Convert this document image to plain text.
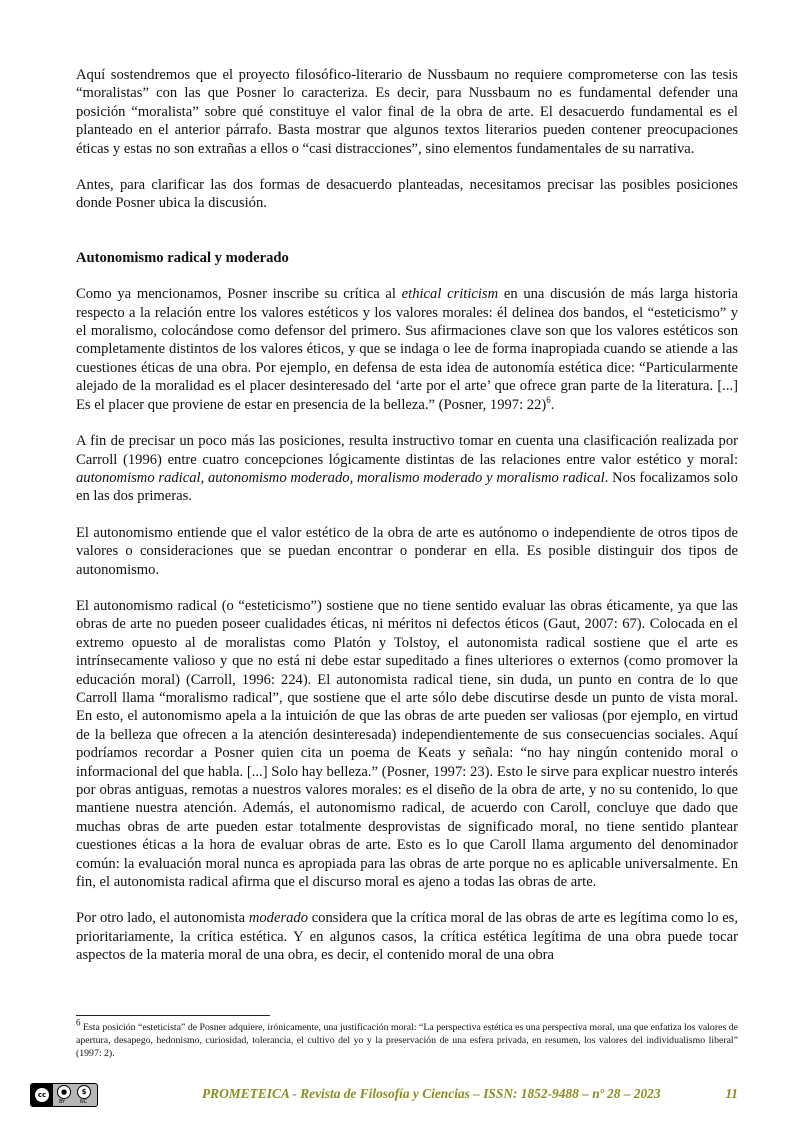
Aquí sostendremos que el proyecto filosófico-literario de Nussbaum no requiere comprometerse con las tesis “moralistas” con las que Posner lo caracteriza. Es decir, para Nussbaum no es fundamental defender una posición “moralista” sobre qué constituye el valor final de la obra de arte. El desacuerdo fundamental es el planteado en el anterior párrafo. Basta mostrar que algunos textos literarios pueden contener preocupaciones éticas y estas no son extrañas a ellos o “casi distracciones”, sino elementos fundamentales de su narrativa.

Antes, para clarificar las dos formas de desacuerdo planteadas, necesitamos precisar las posibles posiciones donde Posner ubica la discusión.

Autonomismo radical y moderado

Como ya mencionamos, Posner inscribe su crítica al ethical criticism en una discusión de más larga historia respecto a la relación entre los valores estéticos y los valores morales: él delinea dos bandos, el “esteticismo” y el moralismo, colocándose como defensor del primero. Sus afirmaciones clave son que los valores estéticos son completamente distintos de los valores éticos, y que se indaga o lee de forma inapropiada cuando se atiende a las cuestiones éticas de una obra. Por ejemplo, en defensa de esta idea de autonomía estética dice: “Particularmente alejado de la moralidad es el placer desinteresado del ‘arte por el arte’ que ofrece gran parte de la literatura. [...] Es el placer que proviene de estar en presencia de la belleza.” (Posner, 1997: 22)$^6$.

A fin de precisar un poco más las posiciones, resulta instructivo tomar en cuenta una clasificación realizada por Carroll (1996) entre cuatro concepciones lógicamente distintas de las relaciones entre valor estético y moral: autonomismo radical, autonomismo moderado, moralismo moderado y moralismo radical. Nos focalizamos solo en las dos primeras.

El autonomismo entiende que el valor estético de la obra de arte es autónomo o independiente de otros tipos de valores o consideraciones que se puedan encontrar o ponderar en ella. Es posible distinguir dos tipos de autonomismo.

El autonomismo radical (o “esteticismo”) sostiene que no tiene sentido evaluar las obras éticamente, ya que las obras de arte no pueden poseer cualidades éticas, ni méritos ni defectos éticos (Gaut, 2007: 67). Colocada en el extremo opuesto al de moralistas como Platón y Tolstoy, el autonomista radical sostiene que el arte es intrínsecamente valioso y que no está ni debe estar supeditado a fines ulteriores o externos (como promover la educación moral) (Carroll, 1996: 224). El autonomista radical tiene, sin duda, un punto en contra de lo que Carroll llama “moralismo radical”, que sostiene que el arte sólo debe discutirse desde un punto de vista moral. En esto, el autonomismo apela a la intuición de que las obras de arte pueden ser valiosas (por ejemplo, en virtud de la belleza que ofrecen a la atención desinteresada) independientemente de sus consecuencias sociales. Aquí podríamos recordar a Posner quien cita un poema de Keats y señala: “no hay ningún contenido moral o informacional del que habla. [...] Solo hay belleza.” (Posner, 1997: 23). Esto le sirve para explicar nuestro interés por obras antiguas, remotas a nuestros valores morales: es el diseño de la obra de arte, y no su contenido, lo que mantiene nuestra atención. Además, el autonomismo radical, de acuerdo con Caroll, concluye que dado que muchas obras de arte pueden estar totalmente desprovistas de significado moral, no tiene sentido plantear cuestiones éticas a la hora de evaluar obras de arte. Esto es lo que Caroll llama argumento del denominador común: la evaluación moral nunca es apropiada para las obras de arte porque no es aplicable universalmente. En fin, el autonomista radical afirma que el discurso moral es ajeno a todas las obras de arte.

Por otro lado, el autonomista moderado considera que la crítica moral de las obras de arte es legítima como lo es, prioritariamente, la crítica estética. Y en algunos casos, la crítica estética legítima de una obra puede tocar aspectos de la materia moral de una obra, es decir, el contenido moral de una obra

$^6$ Esta posición “esteticista” de Posner adquiere, irónicamente, una justificación moral: “La perspectiva estética es una perspectiva moral, una que enfatiza los valores de apertura, desapego, hedonismo, curiosidad, tolerancia, el cultivo del yo y la preservación de una esfera privada, en resumen, los valores del individualismo liberal” (1997: 2).
cc	●	$
BY	NC
PROMETEICA - Revista de Filosofía y Ciencias – ISSN: 1852-9488 – nº 28 – 2023	11
